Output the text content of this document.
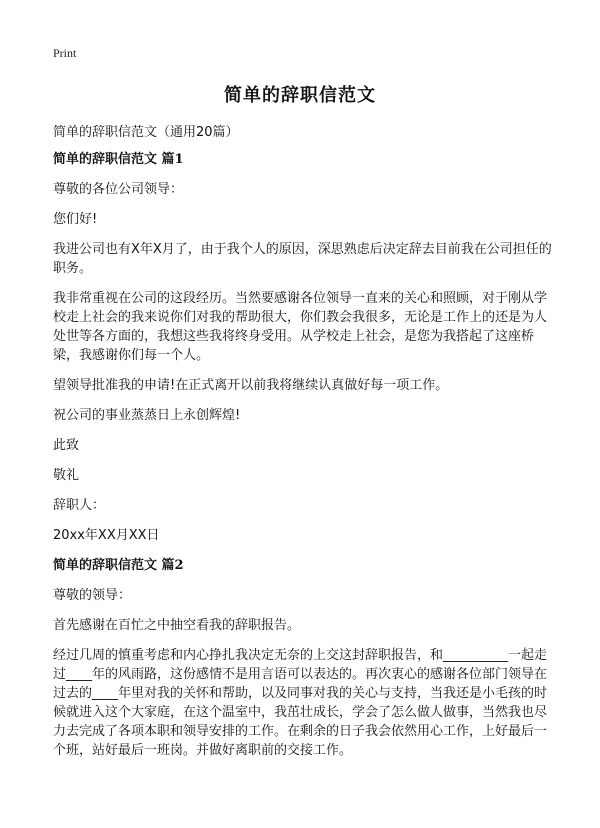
Print
简单的辞职信范文
简单的辞职信范文（通用20篇）

简单的辞职信范文 篇1

尊敬的各位公司领导：

您们好!

我进公司也有X年X月了，由于我个人的原因，深思熟虑后决定辞去目前我在公司担任的职务。

我非常重视在公司的这段经历。当然要感谢各位领导一直来的关心和照顾，对于刚从学校走上社会的我来说你们对我的帮助很大，你们教会我很多，无论是工作上的还是为人处世等各方面的，我想这些我将终身受用。从学校走上社会，是您为我搭起了这座桥梁，我感谢你们每一个人。

望领导批准我的申请!在正式离开以前我将继续认真做好每一项工作。

祝公司的事业蒸蒸日上永创辉煌!

此致

敬礼

辞职人：

20xx年XX月XX日

简单的辞职信范文 篇2

尊敬的领导：

首先感谢在百忙之中抽空看我的辞职报告。

经过几周的慎重考虑和内心挣扎我决定无奈的上交这封辞职报告，和__________一起走过____年的风雨路，这份感情不是用言语可以表达的。再次衷心的感谢各位部门领导在过去的____年里对我的关怀和帮助，以及同事对我的关心与支持，当我还是小毛孩的时候就进入这个大家庭，在这个温室中，我茁壮成长，学会了怎么做人做事，当然我也尽力去完成了各项本职和领导安排的工作。在剩余的日子我会依然用心工作，上好最后一个班，站好最后一班岗。并做好离职前的交接工作。
